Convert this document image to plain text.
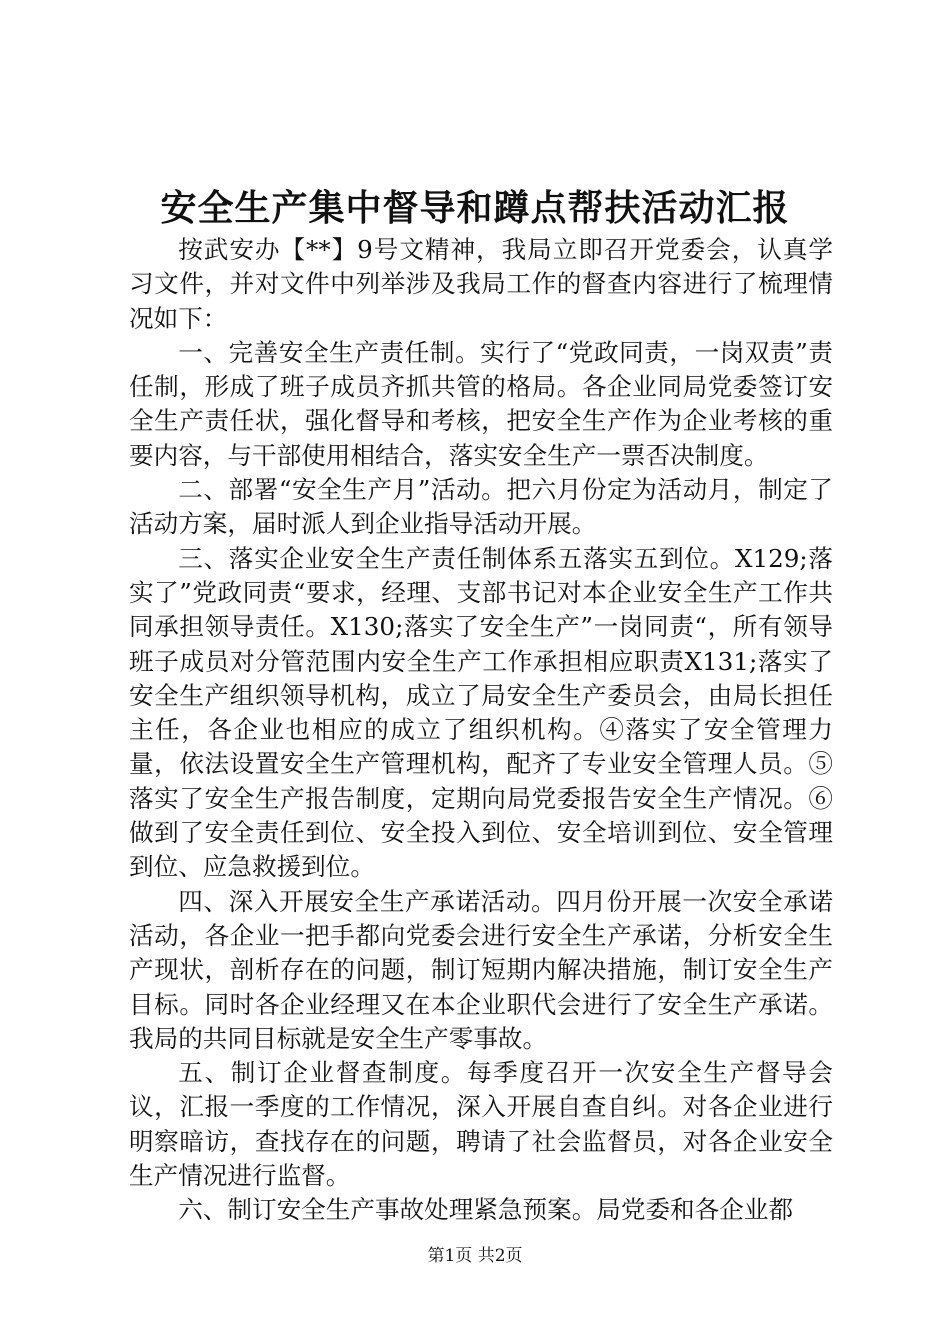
安全生产集中督导和蹲点帮扶活动汇报

按武安办【**】9号文精神，我局立即召开党委会，认真学习文件，并对文件中列举涉及我局工作的督查内容进行了梳理情况如下：

一、完善安全生产责任制。实行了“党政同责，一岗双责”责任制，形成了班子成员齐抓共管的格局。各企业同局党委签订安全生产责任状，强化督导和考核，把安全生产作为企业考核的重要内容，与干部使用相结合，落实安全生产一票否决制度。

二、部署“安全生产月”活动。把六月份定为活动月，制定了活动方案，届时派人到企业指导活动开展。

三、落实企业安全生产责任制体系五落实五到位。X129;落实了”党政同责“要求，经理、支部书记对本企业安全生产工作共同承担领导责任。X130;落实了安全生产”一岗同责“，所有领导班子成员对分管范围内安全生产工作承担相应职责X131;落实了安全生产组织领导机构，成立了局安全生产委员会，由局长担任主任，各企业也相应的成立了组织机构。④落实了安全管理力量，依法设置安全生产管理机构，配齐了专业安全管理人员。⑤落实了安全生产报告制度，定期向局党委报告安全生产情况。⑥做到了安全责任到位、安全投入到位、安全培训到位、安全管理到位、应急救援到位。

四、深入开展安全生产承诺活动。四月份开展一次安全承诺活动，各企业一把手都向党委会进行安全生产承诺，分析安全生产现状，剖析存在的问题，制订短期内解决措施，制订安全生产目标。同时各企业经理又在本企业职代会进行了安全生产承诺。我局的共同目标就是安全生产零事故。

五、制订企业督查制度。每季度召开一次安全生产督导会议，汇报一季度的工作情况，深入开展自查自纠。对各企业进行明察暗访，查找存在的问题，聘请了社会监督员，对各企业安全生产情况进行监督。

六、制订安全生产事故处理紧急预案。局党委和各企业都

第1页 共2页
